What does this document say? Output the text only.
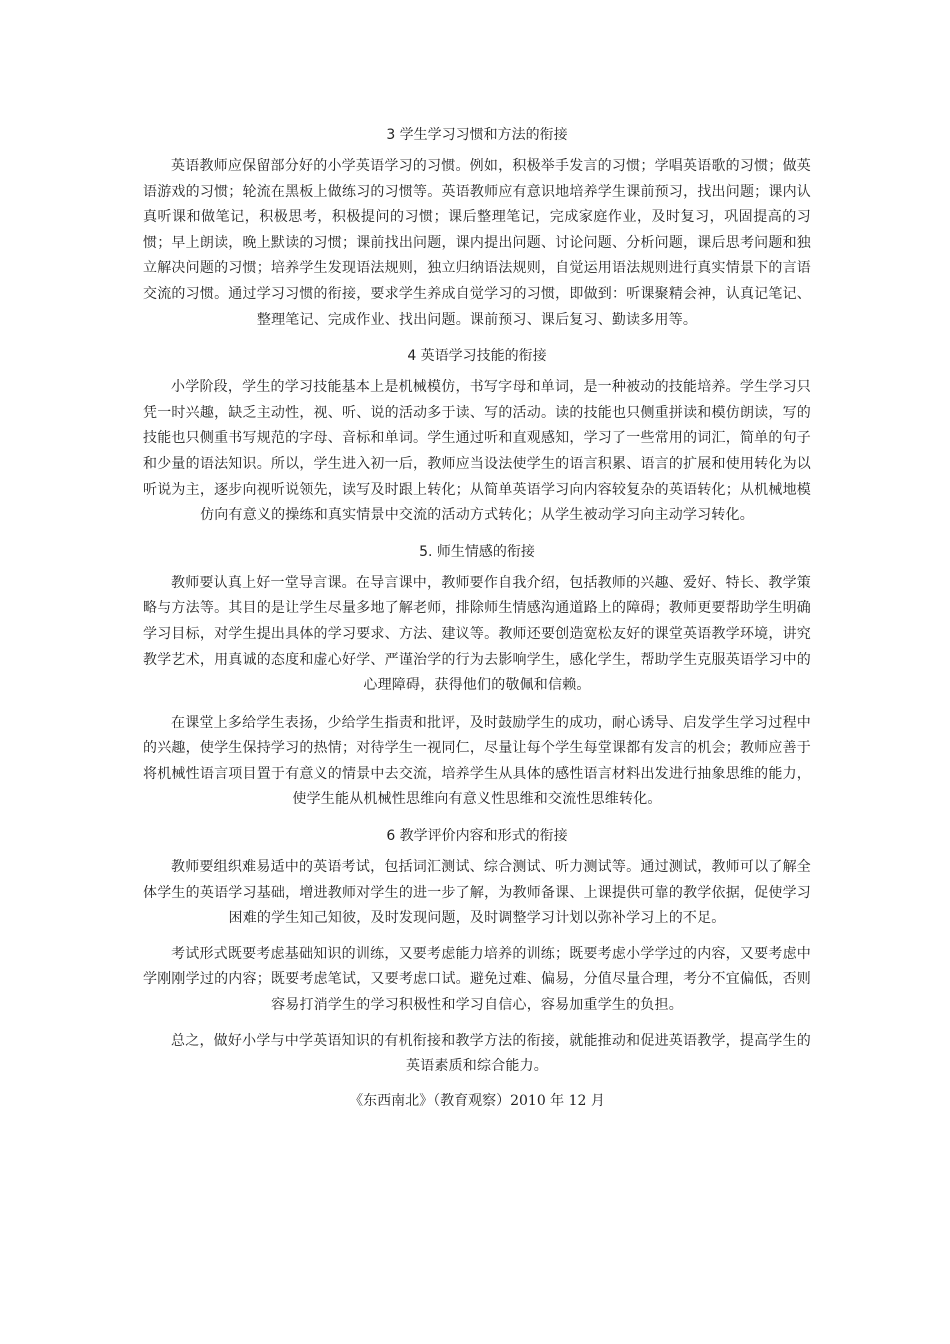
3 学生学习习惯和方法的衔接

英语教师应保留部分好的小学英语学习的习惯。例如，积极举手发言的习惯；学唱英语歌的习惯；做英语游戏的习惯；轮流在黑板上做练习的习惯等。英语教师应有意识地培养学生课前预习，找出问题；课内认真听课和做笔记，积极思考，积极提问的习惯；课后整理笔记，完成家庭作业，及时复习，巩固提高的习惯；早上朗读，晚上默读的习惯；课前找出问题，课内提出问题、讨论问题、分析问题，课后思考问题和独立解决问题的习惯；培养学生发现语法规则，独立归纳语法规则，自觉运用语法规则进行真实情景下的言语交流的习惯。通过学习习惯的衔接，要求学生养成自觉学习的习惯，即做到：听课聚精会神，认真记笔记、整理笔记、完成作业、找出问题。课前预习、课后复习、勤读多用等。

4 英语学习技能的衔接

小学阶段，学生的学习技能基本上是机械模仿，书写字母和单词，是一种被动的技能培养。学生学习只凭一时兴趣，缺乏主动性，视、听、说的活动多于读、写的活动。读的技能也只侧重拼读和模仿朗读，写的技能也只侧重书写规范的字母、音标和单词。学生通过听和直观感知，学习了一些常用的词汇，简单的句子和少量的语法知识。所以，学生进入初一后，教师应当设法使学生的语言积累、语言的扩展和使用转化为以听说为主，逐步向视听说领先，读写及时跟上转化；从简单英语学习向内容较复杂的英语转化；从机械地模仿向有意义的操练和真实情景中交流的活动方式转化；从学生被动学习向主动学习转化。

5. 师生情感的衔接

教师要认真上好一堂导言课。在导言课中，教师要作自我介绍，包括教师的兴趣、爱好、特长、教学策略与方法等。其目的是让学生尽量多地了解老师，排除师生情感沟通道路上的障碍；教师更要帮助学生明确学习目标，对学生提出具体的学习要求、方法、建议等。教师还要创造宽松友好的课堂英语教学环境，讲究教学艺术，用真诚的态度和虚心好学、严谨治学的行为去影响学生，感化学生，帮助学生克服英语学习中的心理障碍，获得他们的敬佩和信赖。

在课堂上多给学生表扬，少给学生指责和批评，及时鼓励学生的成功，耐心诱导、启发学生学习过程中的兴趣，使学生保持学习的热情；对待学生一视同仁，尽量让每个学生每堂课都有发言的机会；教师应善于将机械性语言项目置于有意义的情景中去交流，培养学生从具体的感性语言材料出发进行抽象思维的能力，使学生能从机械性思维向有意义性思维和交流性思维转化。

6 教学评价内容和形式的衔接

教师要组织难易适中的英语考试，包括词汇测试、综合测试、听力测试等。通过测试，教师可以了解全体学生的英语学习基础，增进教师对学生的进一步了解，为教师备课、上课提供可靠的教学依据，促使学习困难的学生知己知彼，及时发现问题，及时调整学习计划以弥补学习上的不足。

考试形式既要考虑基础知识的训练，又要考虑能力培养的训练；既要考虑小学学过的内容，又要考虑中学刚刚学过的内容；既要考虑笔试，又要考虑口试。避免过难、偏易，分值尽量合理，考分不宜偏低，否则容易打消学生的学习积极性和学习自信心，容易加重学生的负担。

总之，做好小学与中学英语知识的有机衔接和教学方法的衔接，就能推动和促进英语教学，提高学生的英语素质和综合能力。

《东西南北》（教育观察）2010 年 12 月
